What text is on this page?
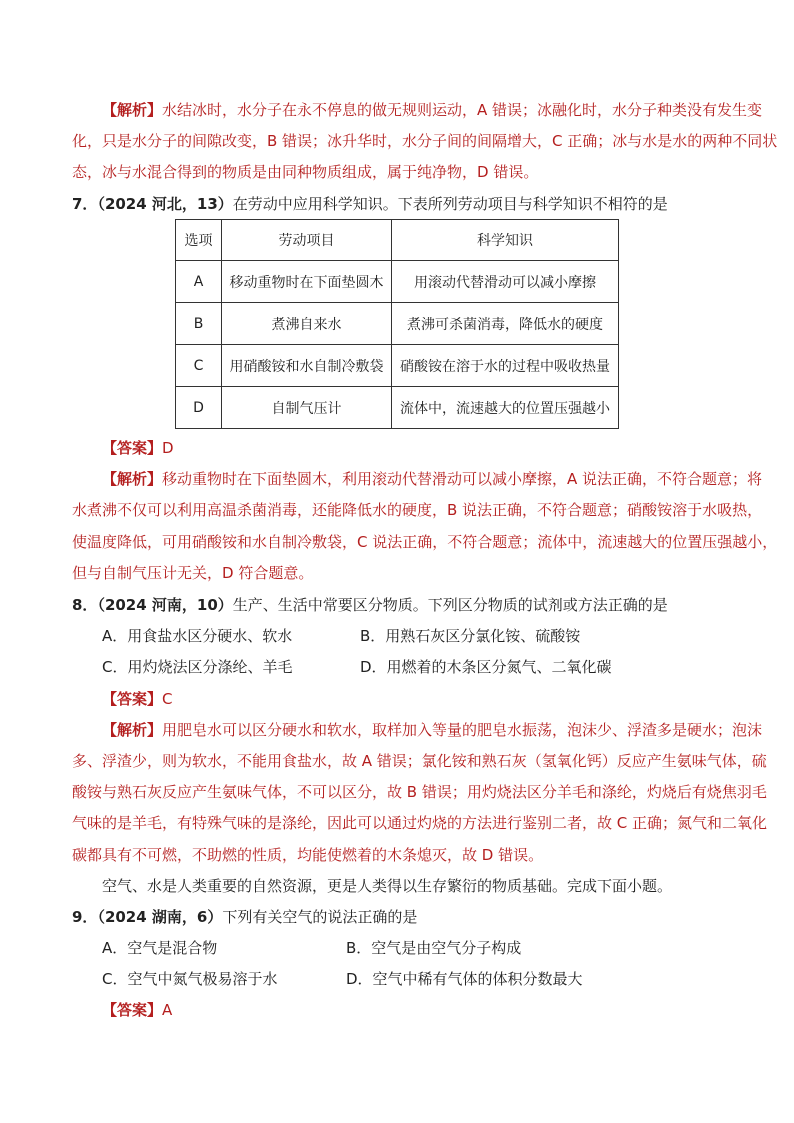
【解析】水结冰时，水分子在永不停息的做无规则运动，A 错误；冰融化时，水分子种类没有发生变
化，只是水分子的间隙改变，B 错误；冰升华时，水分子间的间隔增大，C 正确；冰与水是水的两种不同状
态，冰与水混合得到的物质是由同种物质组成，属于纯净物，D 错误。
7．（2024 河北，13）在劳动中应用科学知识。下表所列劳动项目与科学知识不相符的是
选项	劳动项目	科学知识
A	移动重物时在下面垫圆木	用滚动代替滑动可以减小摩擦
B	煮沸自来水	煮沸可杀菌消毒，降低水的硬度
C	用硝酸铵和水自制冷敷袋	硝酸铵在溶于水的过程中吸收热量
D	自制气压计	流体中，流速越大的位置压强越小
【答案】D
【解析】移动重物时在下面垫圆木，利用滚动代替滑动可以减小摩擦，A 说法正确，不符合题意；将
水煮沸不仅可以利用高温杀菌消毒，还能降低水的硬度，B 说法正确，不符合题意；硝酸铵溶于水吸热，
使温度降低，可用硝酸铵和水自制冷敷袋，C 说法正确，不符合题意；流体中，流速越大的位置压强越小，
但与自制气压计无关，D 符合题意。
8．（2024 河南，10）生产、生活中常要区分物质。下列区分物质的试剂或方法正确的是
A．用食盐水区分硬水、软水	B．用熟石灰区分氯化铵、硫酸铵
C．用灼烧法区分涤纶、羊毛	D．用燃着的木条区分氮气、二氧化碳
【答案】C
【解析】用肥皂水可以区分硬水和软水，取样加入等量的肥皂水振荡，泡沫少、浮渣多是硬水；泡沫
多、浮渣少，则为软水，不能用食盐水，故 A 错误；氯化铵和熟石灰（氢氧化钙）反应产生氨味气体，硫
酸铵与熟石灰反应产生氨味气体，不可以区分，故 B 错误；用灼烧法区分羊毛和涤纶，灼烧后有烧焦羽毛
气味的是羊毛，有特殊气味的是涤纶，因此可以通过灼烧的方法进行鉴别二者，故 C 正确；氮气和二氧化
碳都具有不可燃，不助燃的性质，均能使燃着的木条熄灭，故 D 错误。
空气、水是人类重要的自然资源，更是人类得以生存繁衍的物质基础。完成下面小题。
9．（2024 湖南，6）下列有关空气的说法正确的是
A．空气是混合物	B．空气是由空气分子构成
C．空气中氮气极易溶于水	D．空气中稀有气体的体积分数最大
【答案】A
